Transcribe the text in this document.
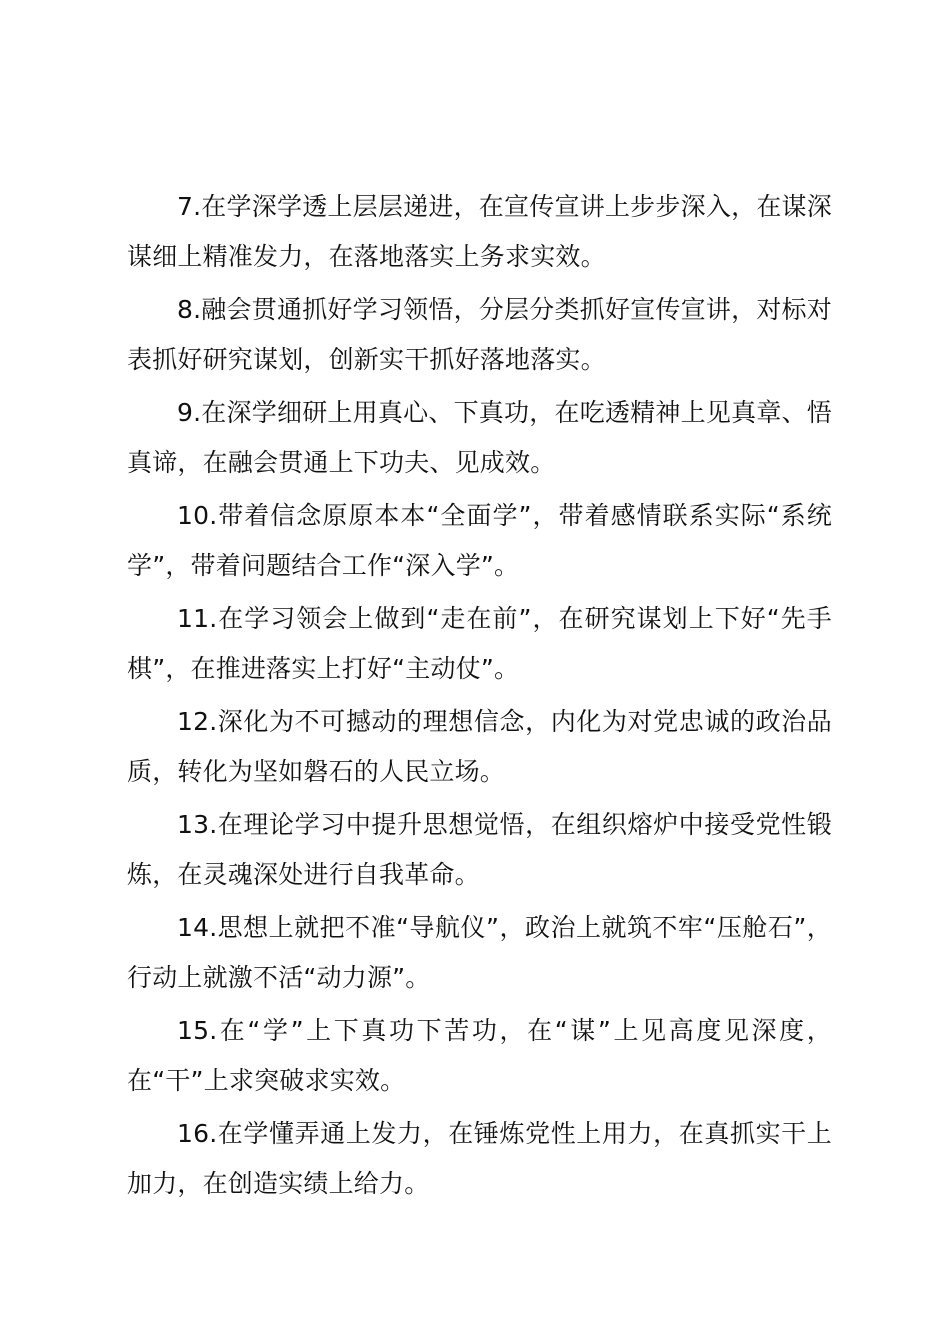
7.在学深学透上层层递进，在宣传宣讲上步步深入，在谋深谋细上精准发力，在落地落实上务求实效。

8.融会贯通抓好学习领悟，分层分类抓好宣传宣讲，对标对表抓好研究谋划，创新实干抓好落地落实。

9.在深学细研上用真心、下真功，在吃透精神上见真章、悟真谛，在融会贯通上下功夫、见成效。

10.带着信念原原本本“全面学”，带着感情联系实际“系统学”，带着问题结合工作“深入学”。

11.在学习领会上做到“走在前”，在研究谋划上下好“先手棋”，在推进落实上打好“主动仗”。

12.深化为不可撼动的理想信念，内化为对党忠诚的政治品质，转化为坚如磐石的人民立场。

13.在理论学习中提升思想觉悟，在组织熔炉中接受党性锻炼，在灵魂深处进行自我革命。

14.思想上就把不准“导航仪”，政治上就筑不牢“压舱石”，行动上就激不活“动力源”。

15.在“学”上下真功下苦功，在“谋”上见高度见深度，在“干”上求突破求实效。

16.在学懂弄通上发力，在锤炼党性上用力，在真抓实干上加力，在创造实绩上给力。
